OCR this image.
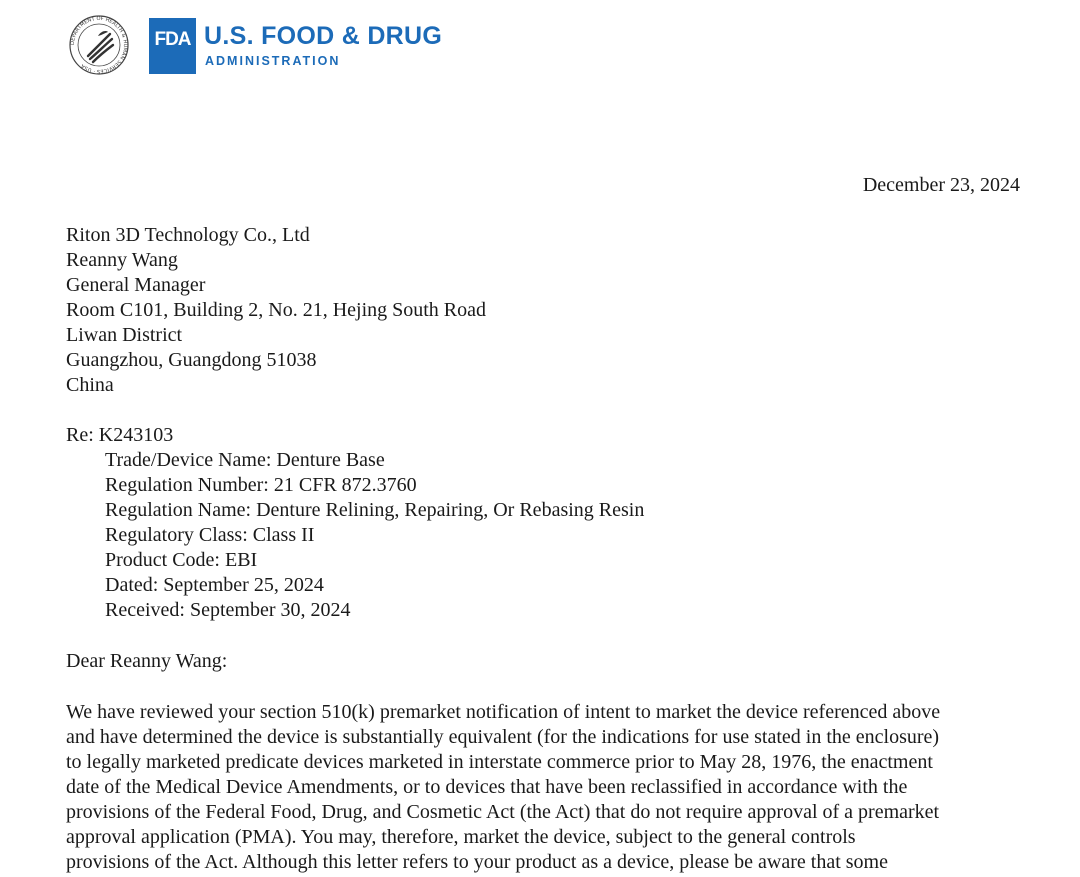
DEPARTMENT OF HEALTH & HUMAN SERVICES · USA
FDA U.S. FOOD & DRUG
ADMINISTRATION
December 23, 2024
Riton 3D Technology Co., Ltd
Reanny Wang
General Manager
Room C101, Building 2, No. 21, Hejing South Road
Liwan District
Guangzhou, Guangdong 51038
China
Re: K243103
Trade/Device Name: Denture Base
Regulation Number: 21 CFR 872.3760
Regulation Name: Denture Relining, Repairing, Or Rebasing Resin
Regulatory Class: Class II
Product Code: EBI
Dated: September 25, 2024
Received: September 30, 2024
Dear Reanny Wang:
We have reviewed your section 510(k) premarket notification of intent to market the device referenced above
and have determined the device is substantially equivalent (for the indications for use stated in the enclosure)
to legally marketed predicate devices marketed in interstate commerce prior to May 28, 1976, the enactment
date of the Medical Device Amendments, or to devices that have been reclassified in accordance with the
provisions of the Federal Food, Drug, and Cosmetic Act (the Act) that do not require approval of a premarket
approval application (PMA). You may, therefore, market the device, subject to the general controls
provisions of the Act. Although this letter refers to your product as a device, please be aware that some
